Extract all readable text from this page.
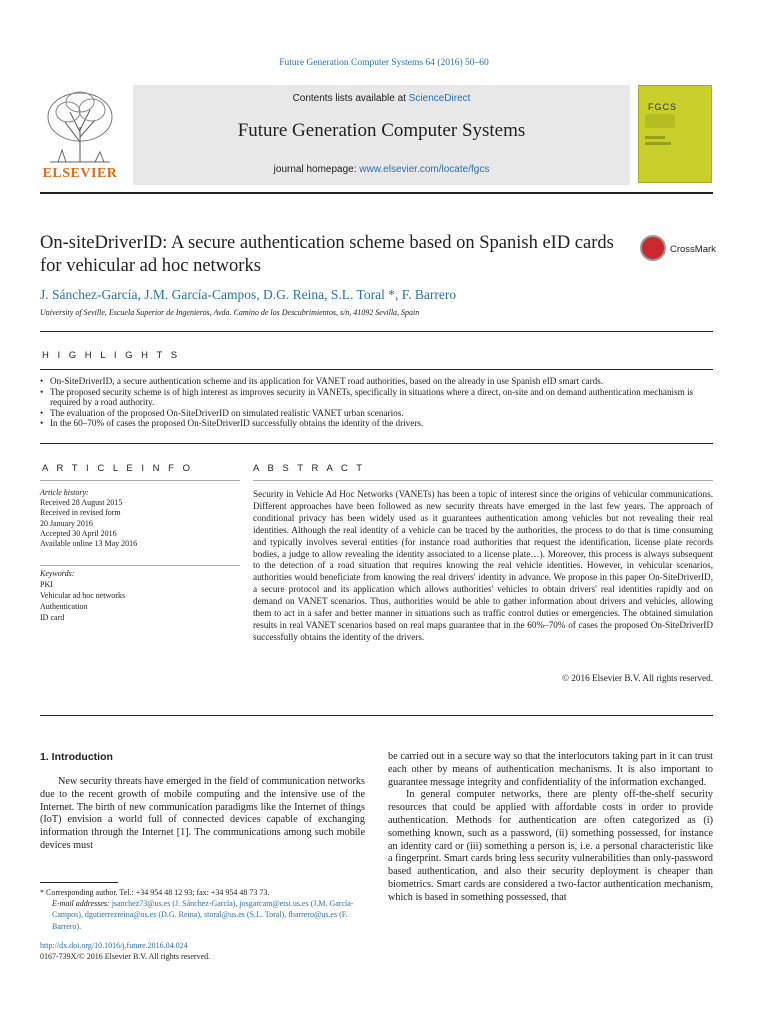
Future Generation Computer Systems 64 (2016) 50–60
ELSEVIER
Contents lists available at ScienceDirect
Future Generation Computer Systems
journal homepage: www.elsevier.com/locate/fgcs
FGCS
On-siteDriverID: A secure authentication scheme based on Spanish eID cards for vehicular ad hoc networks
CrossMark
J. Sánchez-García, J.M. García-Campos, D.G. Reina, S.L. Toral *, F. Barrero
University of Seville, Escuela Superior de Ingenieros, Avda. Camino de los Descubrimientos, s/n, 41092 Sevilla, Spain
H I G H L I G H T S
• On-SiteDriverID, a secure authentication scheme and its application for VANET road authorities, based on the already in use Spanish eID smart cards.
• The proposed security scheme is of high interest as improves security in VANETs, specifically in situations where a direct, on-site and on demand authentication mechanism is required by a road authority.
• The evaluation of the proposed On-SiteDriverID on simulated realistic VANET urban scenarios.
• In the 60–70% of cases the proposed On-SiteDriverID successfully obtains the identity of the drivers.
A R T I C L E I N F O	A B S T R A C T
Article history:
Received 28 August 2015
Received in revised form
20 January 2016
Accepted 30 April 2016
Available online 13 May 2016
Keywords:
PKI
Vehicular ad hoc networks
Authentication
ID card
Security in Vehicle Ad Hoc Networks (VANETs) has been a topic of interest since the origins of vehicular communications. Different approaches have been followed as new security threats have emerged in the last few years. The approach of conditional privacy has been widely used as it guarantees authentication among vehicles but not revealing their real identities. Although the real identity of a vehicle can be traced by the authorities, the process to do that is time consuming and typically involves several entities (for instance road authorities that request the identification, license plate records bodies, a judge to allow revealing the identity associated to a license plate…). Moreover, this process is always subsequent to the detection of a road situation that requires knowing the real vehicle identities. However, in vehicular scenarios, authorities would beneficiate from knowing the real drivers' identity in advance. We propose in this paper On-SiteDriverID, a secure protocol and its application which allows authorities' vehicles to obtain drivers' real identities rapidly and on demand on VANET scenarios. Thus, authorities would be able to gather information about drivers and vehicles, allowing them to act in a safer and better manner in situations such as traffic control duties or emergencies. The obtained simulation results in real VANET scenarios based on real maps guarantee that in the 60%–70% of cases the proposed On-SiteDriverID successfully obtains the identity of the drivers.
© 2016 Elsevier B.V. All rights reserved.
1. Introduction

New security threats have emerged in the field of communication networks due to the recent growth of mobile computing and the intensive use of the Internet. The birth of new communication paradigms like the Internet of things (IoT) envision a world full of connected devices capable of exchanging information through the Internet [1]. The communications among such mobile devices must

be carried out in a secure way so that the interlocutors taking part in it can trust each other by means of authentication mechanisms. It is also important to guarantee message integrity and confidentiality of the information exchanged.

In general computer networks, there are plenty off-the-shelf security resources that could be applied with affordable costs in order to provide authentication. Methods for authentication are often categorized as (i) something known, such as a password, (ii) something possessed, for instance an identity card or (iii) something a person is, i.e. a personal characteristic like a fingerprint. Smart cards bring less security vulnerabilities than only-password based authentication, and also their security deployment is cheaper than biometrics. Smart cards are considered a two-factor authentication mechanism, which is based in something possessed, that

* Corresponding author. Tel.: +34 954 48 12 93; fax: +34 954 48 73 73.
E-mail addresses: jsanchez73@us.es (J. Sánchez-García), josgarcam@etsi.us.es (J.M. García-Campos), dgutierrezreina@us.es (D.G. Reina), storal@us.es (S.L. Toral), fbarrero@us.es (F. Barrero).
http://dx.doi.org/10.1016/j.future.2016.04.024
0167-739X/© 2016 Elsevier B.V. All rights reserved.
